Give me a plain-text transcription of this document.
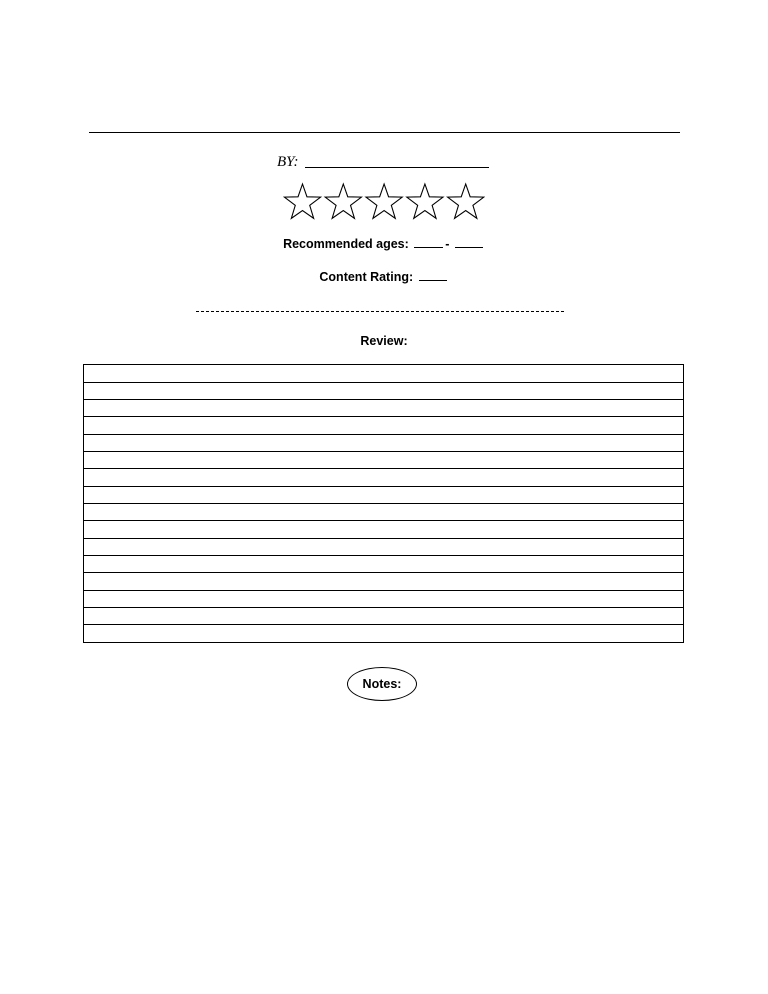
BY:
Recommended ages:	-
Content Rating:
Review:
Notes:
